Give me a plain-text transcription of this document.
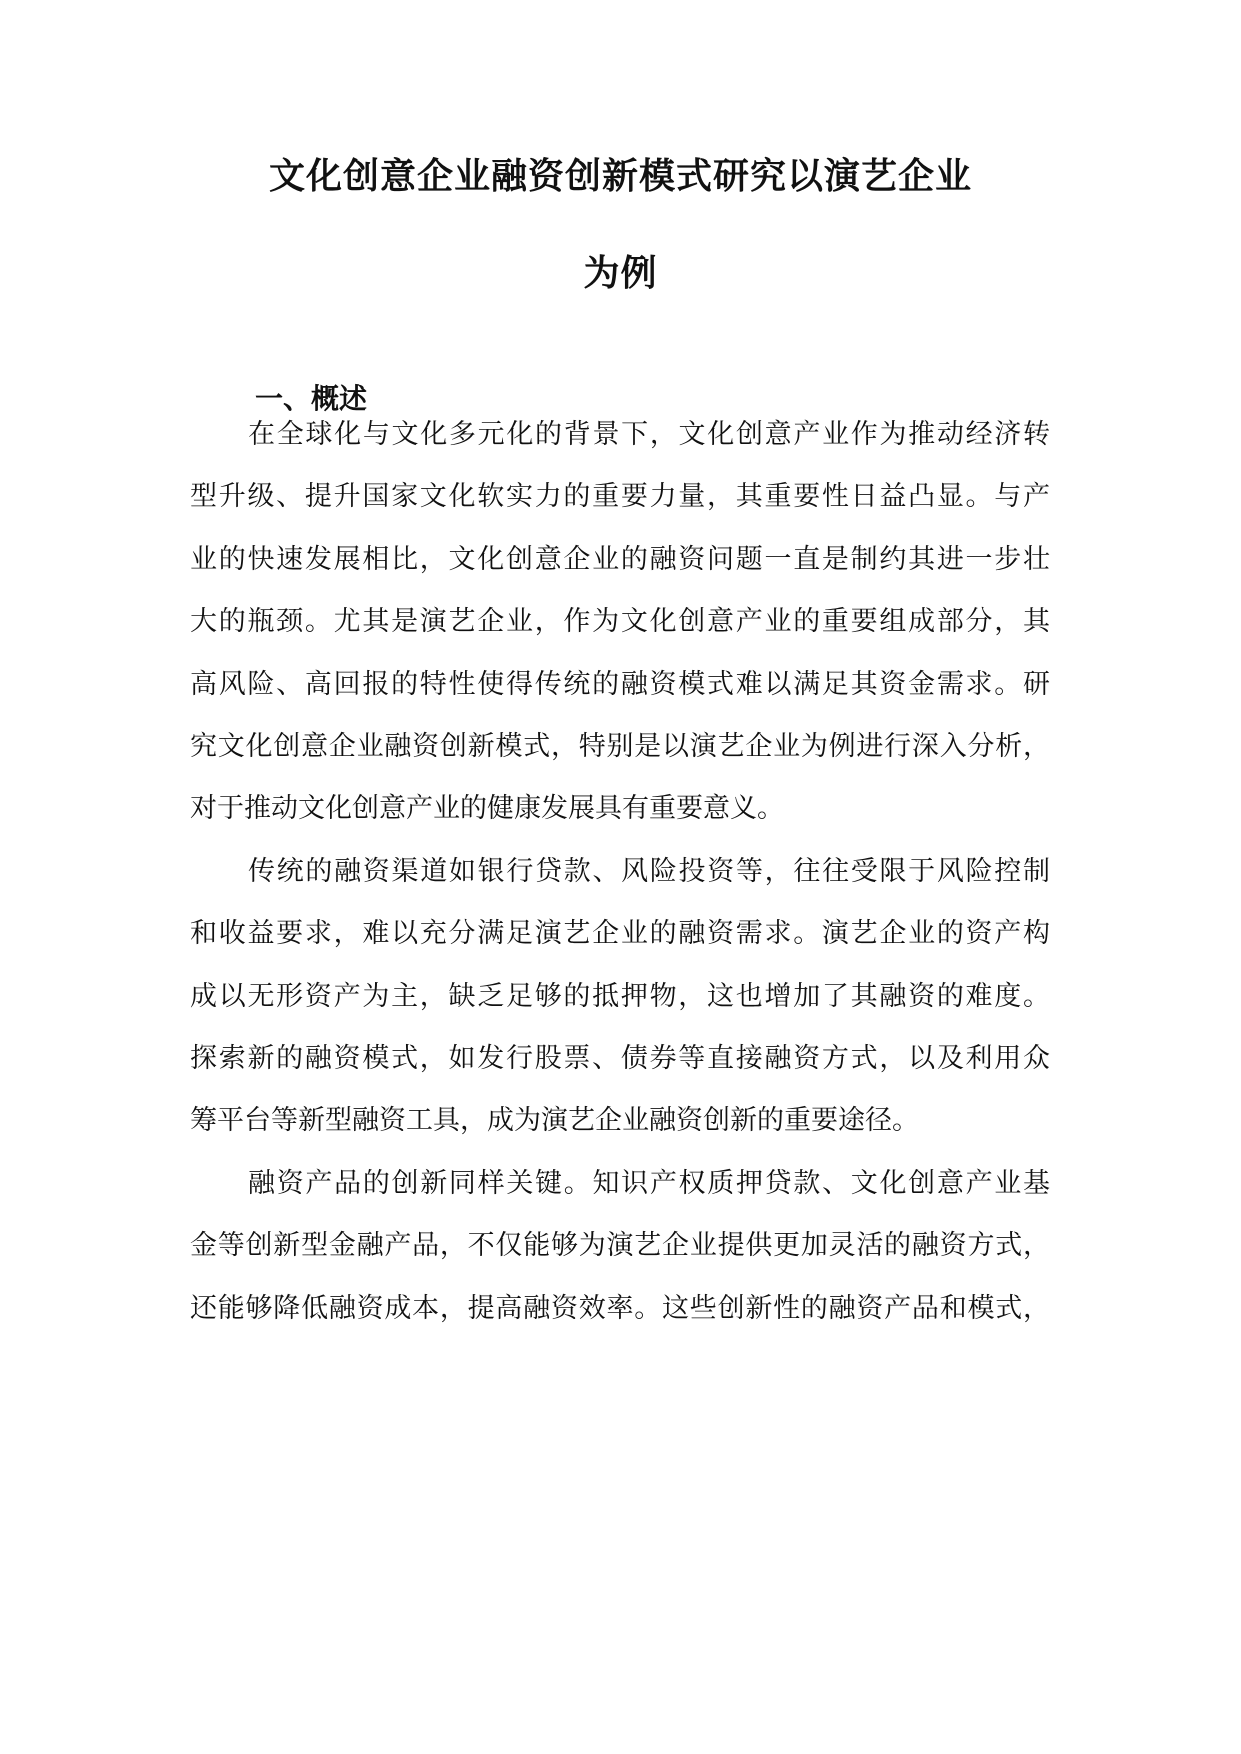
文化创意企业融资创新模式研究以演艺企业
为例
一、概述
在全球化与文化多元化的背景下，文化创意产业作为推动经济转
型升级、提升国家文化软实力的重要力量，其重要性日益凸显。与产
业的快速发展相比，文化创意企业的融资问题一直是制约其进一步壮
大的瓶颈。尤其是演艺企业，作为文化创意产业的重要组成部分，其
高风险、高回报的特性使得传统的融资模式难以满足其资金需求。研
究文化创意企业融资创新模式，特别是以演艺企业为例进行深入分析，
对于推动文化创意产业的健康发展具有重要意义。
传统的融资渠道如银行贷款、风险投资等，往往受限于风险控制
和收益要求，难以充分满足演艺企业的融资需求。演艺企业的资产构
成以无形资产为主，缺乏足够的抵押物，这也增加了其融资的难度。
探索新的融资模式，如发行股票、债券等直接融资方式，以及利用众
筹平台等新型融资工具，成为演艺企业融资创新的重要途径。
融资产品的创新同样关键。知识产权质押贷款、文化创意产业基
金等创新型金融产品，不仅能够为演艺企业提供更加灵活的融资方式，
还能够降低融资成本，提高融资效率。这些创新性的融资产品和模式，
